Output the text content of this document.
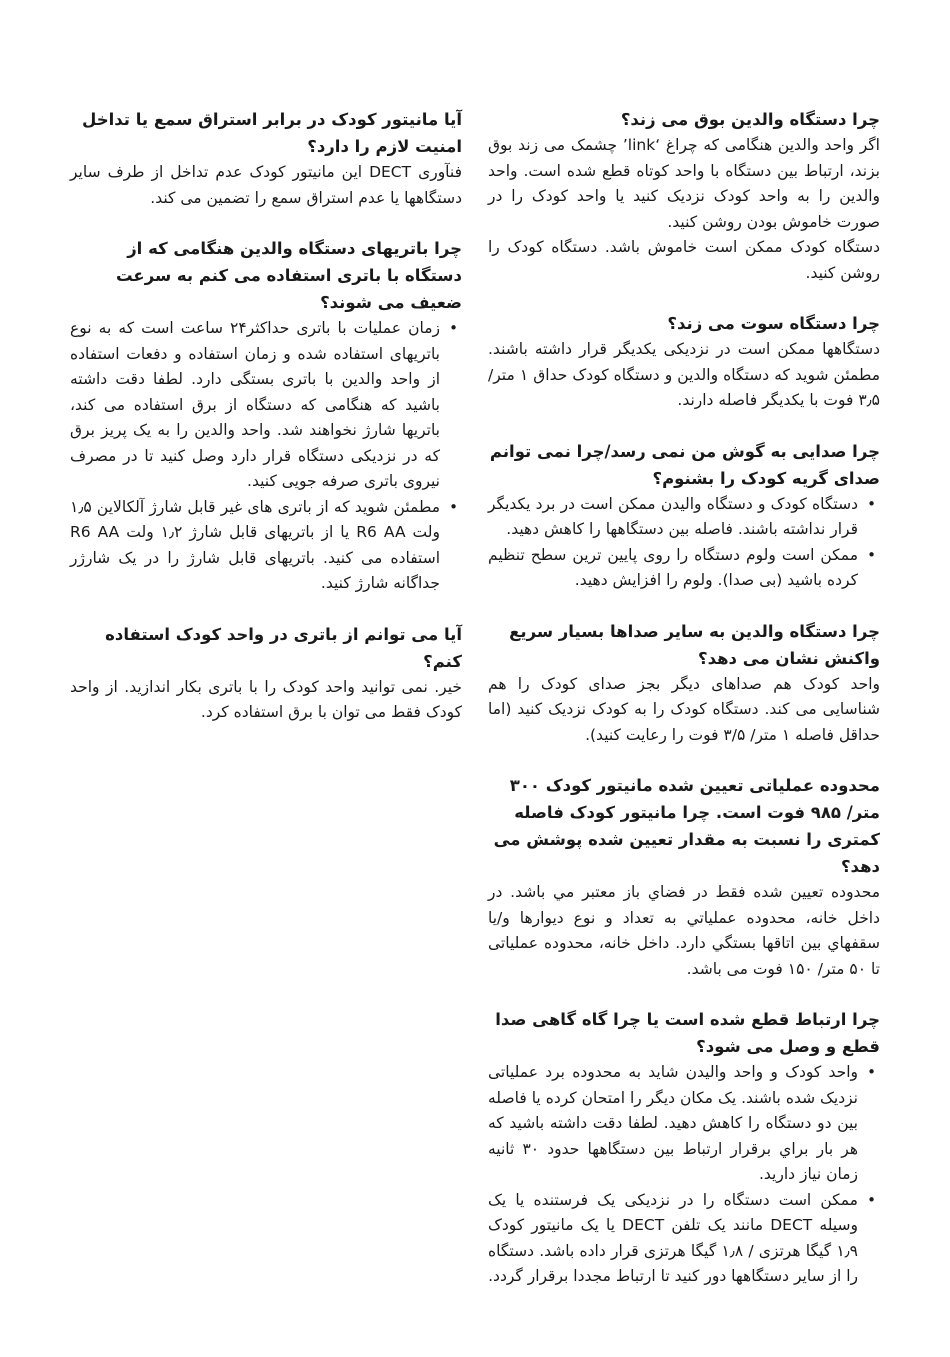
چرا دستگاه والدین بوق می زند؟

اگر واحد والدین هنگامی که چراغ ‘link’ چشمک می زند بوق بزند، ارتباط بین دستگاه با واحد کوتاه قطع شده است. واحد والدین را به واحد کودک نزدیک کنید یا واحد کودک را در صورت خاموش بودن روشن کنید.

دستگاه کودک ممکن است خاموش باشد. دستگاه کودک را روشن کنید.

چرا دستگاه سوت می زند؟

دستگاهها ممکن است در نزدیکی یکدیگر قرار داشته باشند. مطمئن شوید که دستگاه والدین و دستگاه کودک حداق ۱ متر/ ۳٫۵ فوت با یکدیگر فاصله دارند.

چرا صدایی به گوش من نمی رسد/چرا نمی توانم صدای گریه کودک را بشنوم؟

• دستگاه کودک و دستگاه والیدن ممکن است در برد یکدیگر قرار نداشته باشند. فاصله بین دستگاهها را کاهش دهید.
• ممکن است ولوم دستگاه را روی پایین ترین سطح تنظیم کرده باشید (بی صدا). ولوم را افزایش دهید.

چرا دستگاه والدین به سایر صداها بسیار سریع واکنش نشان می دهد؟

واحد کودک هم صداهای دیگر بجز صدای کودک را هم شناسایی می کند. دستگاه کودک را به کودک نزدیک کنید (اما حداقل فاصله ۱ متر/ ۳/۵ فوت را رعایت کنید).

محدوده عملیاتی تعیین شده مانیتور کودک ۳۰۰ متر/ ۹۸۵ فوت است. چرا مانیتور کودک فاصله کمتری را نسبت به مقدار تعیین شده پوشش می دهد؟

محدوده تعيين شده فقط در فضاي باز معتبر مي باشد. در داخل خانه، محدوده عملياتي به تعداد و نوع ديوارها و/يا سقفهاي بين اتاقها بستگي دارد. داخل خانه، محدوده عملیاتی تا ۵۰ متر/ ۱۵۰ فوت می باشد.

چرا ارتباط قطع شده است یا چرا گاه گاهی صدا قطع و وصل می شود؟

• واحد کودک و واحد والیدن شاید به محدوده برد عملیاتی نزدیک شده باشند. یک مکان دیگر را امتحان کرده یا فاصله بین دو دستگاه را کاهش دهید. لطفا دقت داشته باشید که هر بار براي برقرار ارتباط بین دستگاهها حدود ۳۰ ثانیه زمان نیاز دارید.
• ممکن است دستگاه را در نزدیکی یک فرستنده یا یک وسیله DECT مانند یک تلفن DECT یا یک مانیتور کودک ۱٫۹ گیگا هرتزی / ۱٫۸ گیگا هرتزی قرار داده باشد. دستگاه را از سایر دستگاهها دور کنید تا ارتباط مجددا برقرار گردد.

آیا مانیتور کودک در برابر استراق سمع یا تداخل امنیت لازم را دارد؟

فنآوری DECT این مانیتور کودک عدم تداخل از طرف سایر دستگاهها یا عدم استراق سمع را تضمین می کند.

چرا باتریهای دستگاه والدین هنگامی که از دستگاه با باتری استفاده می کنم به سرعت ضعیف می شوند؟

• زمان عملیات با باتری حداکثر۲۴ ساعت است که به نوع باتریهای استفاده شده و زمان استفاده و دفعات استفاده از واحد والدین با باتری بستگی دارد. لطفا دقت داشته باشید که هنگامی که دستگاه از برق استفاده می کند، باتریها شارژ نخواهند شد. واحد والدین را به یک پریز برق که در نزدیکی دستگاه قرار دارد وصل کنید تا در مصرف نیروی باتری صرفه جویی کنید.
• مطمئن شوید که از باتری های غیر قابل شارژ آلکالاین ۱٫۵ ولت R6 AA یا از باتریهای قابل شارژ ۱٫۲ ولت R6 AA استفاده می کنید. باتریهای قابل شارژ را در یک شارژر جداگانه شارژ کنید.

آیا می توانم از باتری در واحد کودک استفاده کنم؟

خیر. نمی توانید واحد کودک را با باتری بکار اندازید. از واحد کودک فقط می توان با برق استفاده کرد.
